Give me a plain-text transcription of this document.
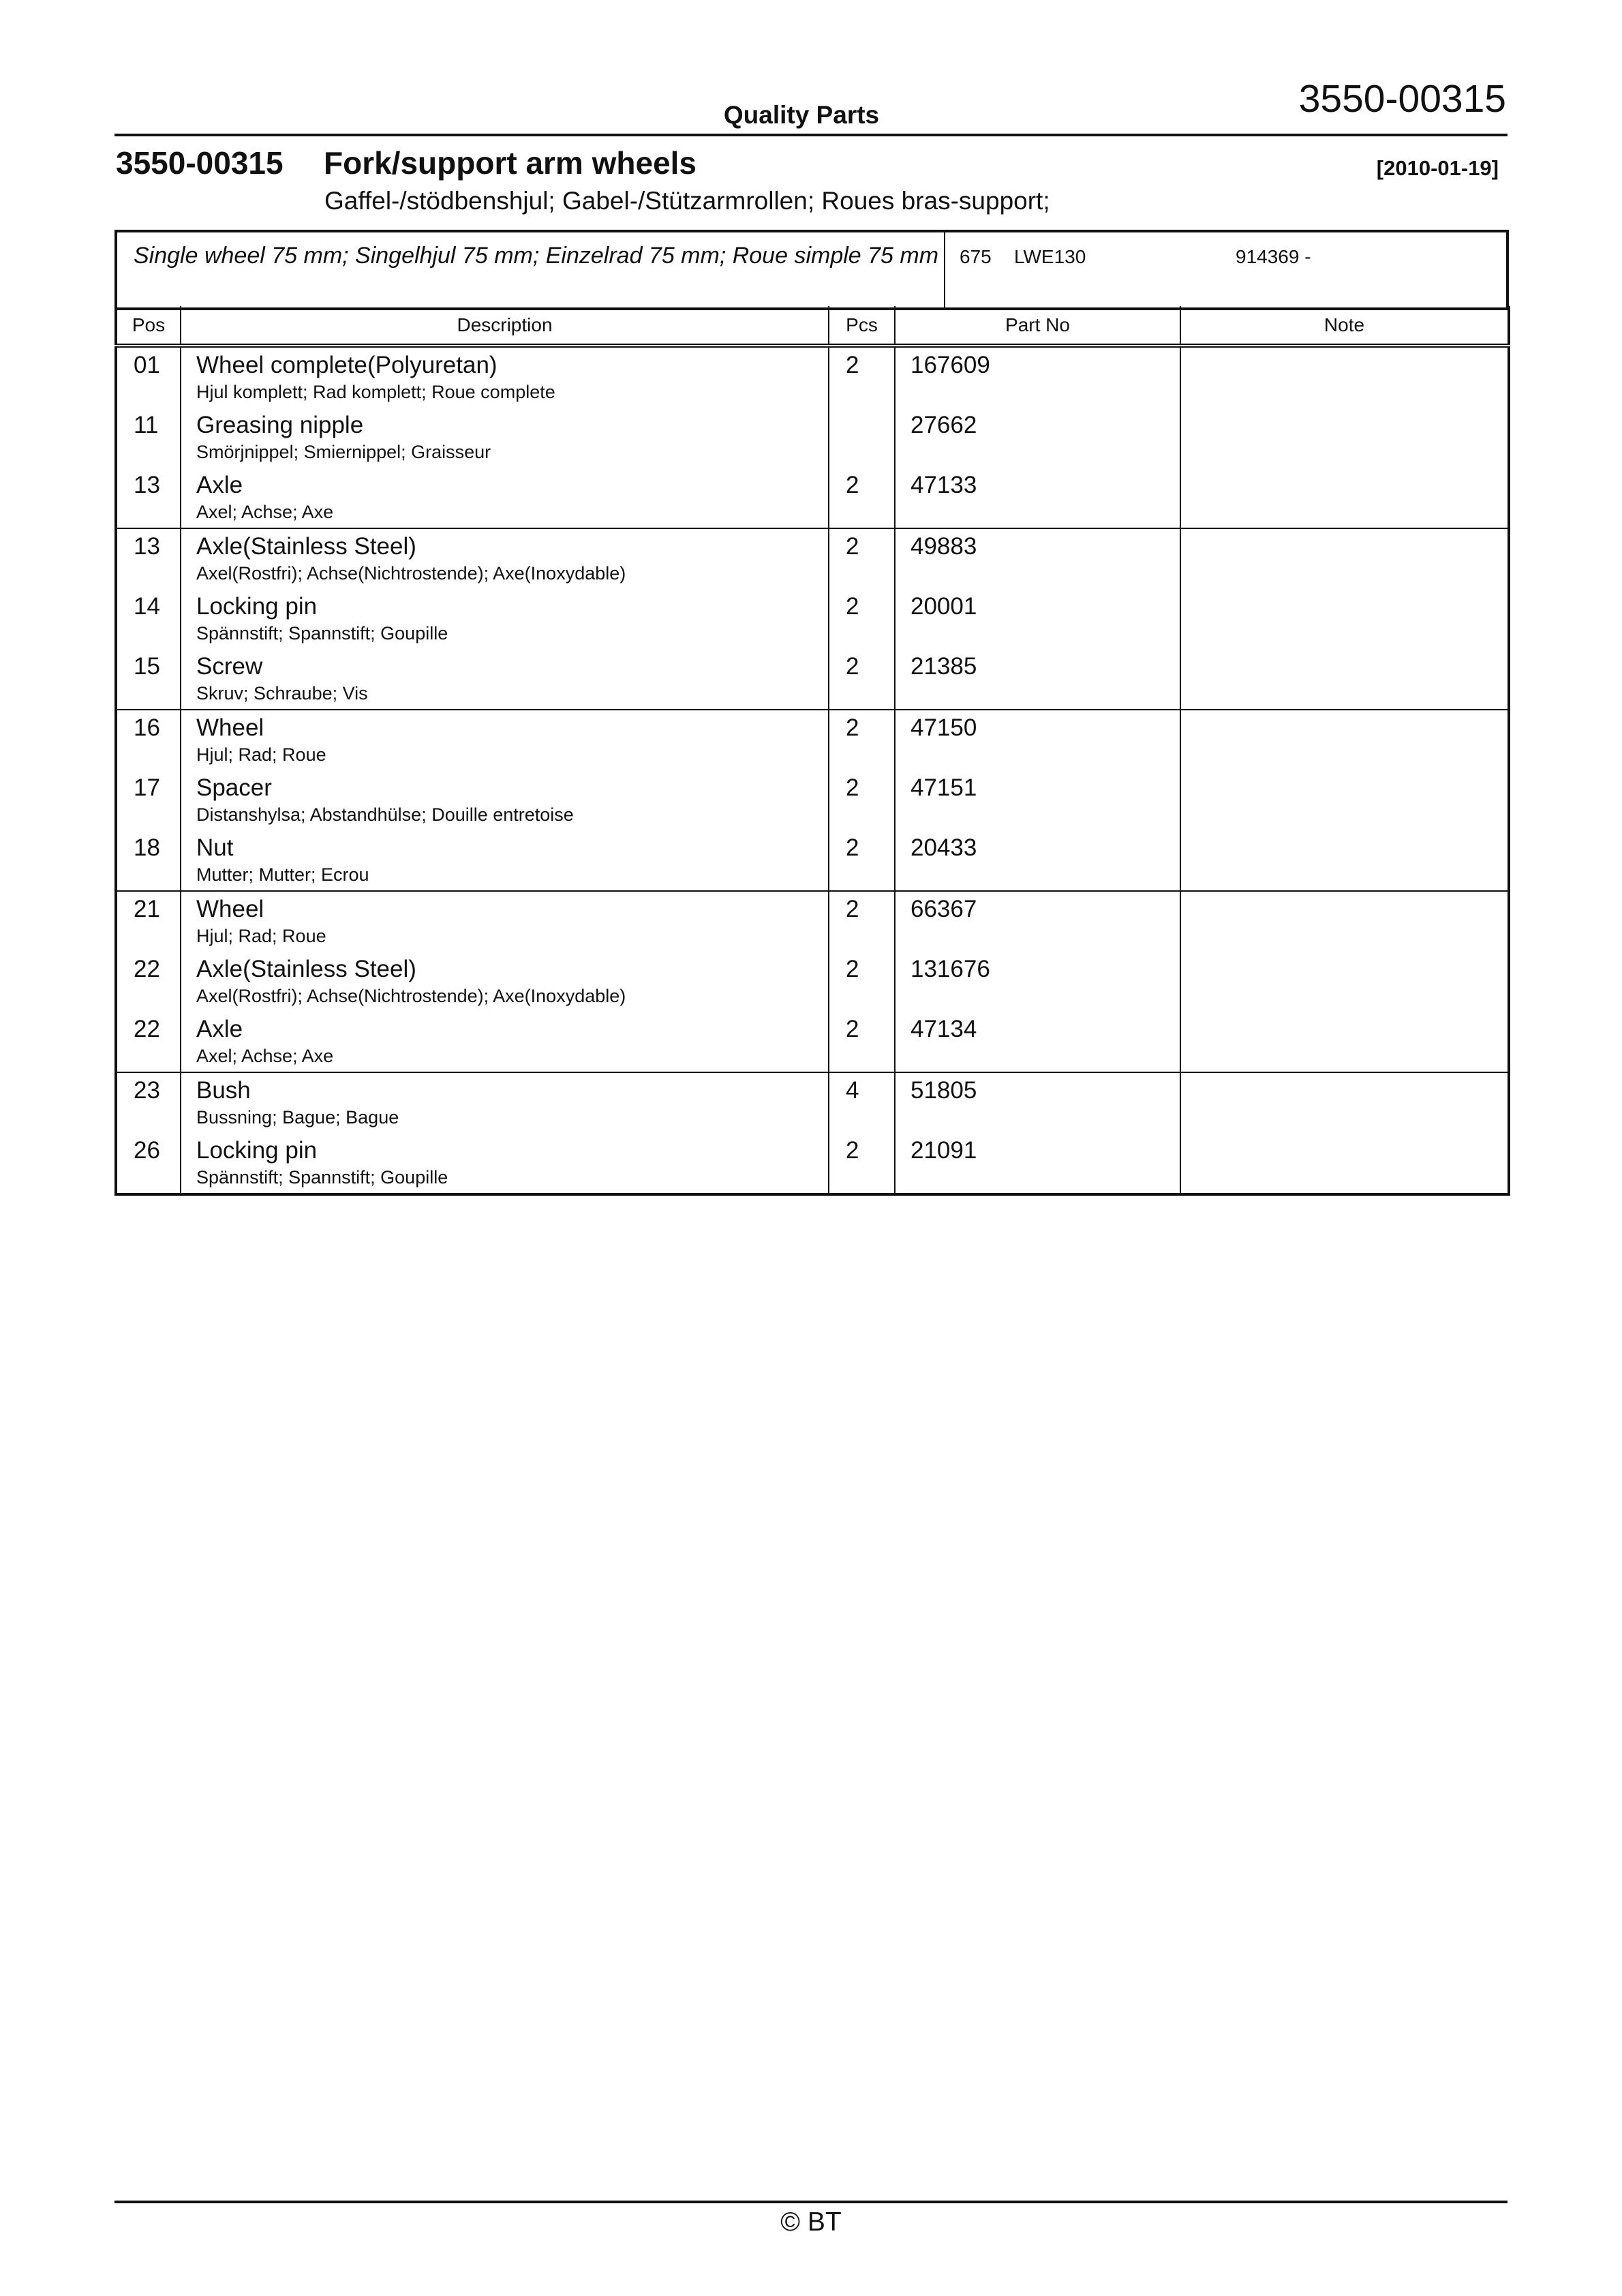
Quality Parts	3550-00315
3550-00315 Fork/support arm wheels	[2010-01-19]
Gaffel-/stödbenshjul; Gabel-/Stützarmrollen; Roues bras-support;
Single wheel 75 mm; Singelhjul 75 mm; Einzelrad 75 mm; Roue simple 75 mm	675 LWE130	914369 -
Pos	Description	Pcs	Part No	Note

01	Wheel complete(Polyuretan)
Hjul komplett; Rad komplett; Roue complete	2	167609	

11	Greasing nipple
Smörjnippel; Smiernippel; Graisseur		27662	

13	Axle
Axel; Achse; Axe	2	47133	

13	Axle(Stainless Steel)
Axel(Rostfri); Achse(Nichtrostende); Axe(Inoxydable)	2	49883	

14	Locking pin
Spännstift; Spannstift; Goupille	2	20001	

15	Screw
Skruv; Schraube; Vis	2	21385	

16	Wheel
Hjul; Rad; Roue	2	47150	

17	Spacer
Distanshylsa; Abstandhülse; Douille entretoise	2	47151	

18	Nut
Mutter; Mutter; Ecrou	2	20433	

21	Wheel
Hjul; Rad; Roue	2	66367	

22	Axle(Stainless Steel)
Axel(Rostfri); Achse(Nichtrostende); Axe(Inoxydable)	2	131676	

22	Axle
Axel; Achse; Axe	2	47134	

23	Bush
Bussning; Bague; Bague	4	51805	

26	Locking pin
Spännstift; Spannstift; Goupille	2	21091	

© BT
